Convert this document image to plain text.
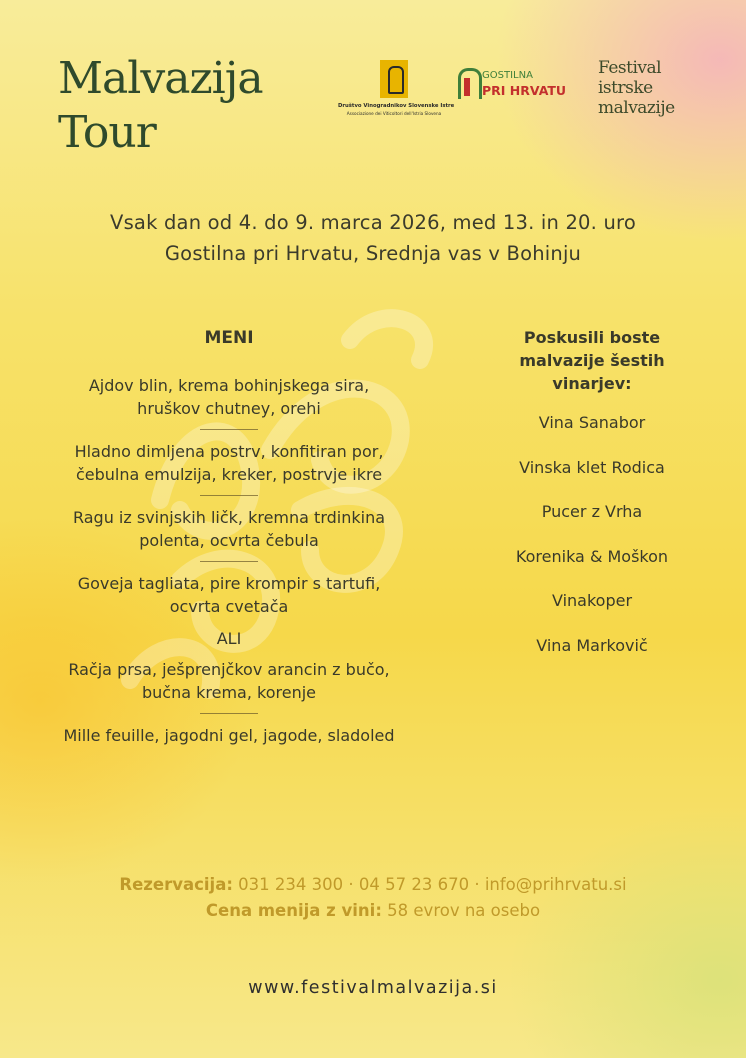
Malvazija
Tour
Društvo Vinogradnikov Slovenske Istre
Associazione dei Viticoltori dell'Istria Slovena
GOSTILNA
PRI HRVATU
Festival
istrske
malvazije
Vsak dan od 4. do 9. marca 2026, med 13. in 20. uro
Gostilna pri Hrvatu, Srednja vas v Bohinju
MENI
Ajdov blin, krema bohinjskega sira,
hruškov chutney, orehi
Hladno dimljena postrv, konfitiran por,
čebulna emulzija, kreker, postrvje ikre
Ragu iz svinjskih ličk, kremna trdinkina
polenta, ocvrta čebula
Goveja tagliata, pire krompir s tartufi,
ocvrta cvetača
ALI
Račja prsa, ješprenjčkov arancin z bučo,
bučna krema, korenje
Mille feuille, jagodni gel, jagode, sladoled
Poskusili boste
malvazije šestih
vinarjev:
Vina Sanabor
Vinska klet Rodica
Pucer z Vrha
Korenika & Moškon
Vinakoper
Vina Markovič
Rezervacija: 031 234 300 · 04 57 23 670 · info@prihrvatu.si
Cena menija z vini: 58 evrov na osebo
www.festivalmalvazija.si
